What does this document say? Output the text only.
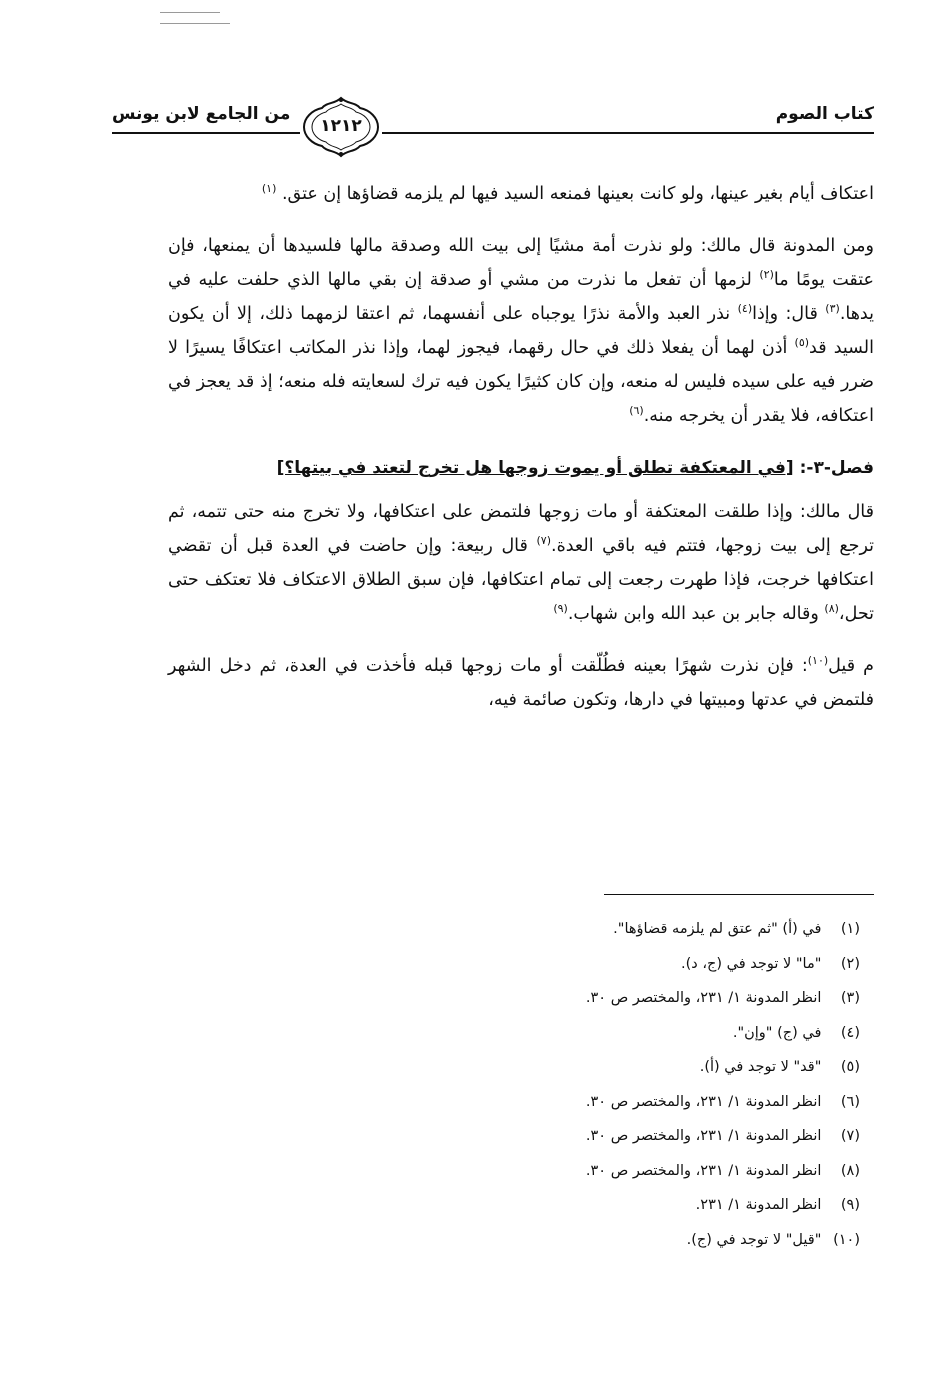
كتاب الصوم
من الجامع لابن يونس
١٢١٢

اعتكاف أيام بغير عينها، ولو كانت بعينها فمنعه السيد فيها لم يلزمه قضاؤها إن عتق. $^{(١)}$

ومن المدونة قال مالك: ولو نذرت أمة مشيًا إلى بيت الله وصدقة مالها فلسيدها أن يمنعها، فإن عتقت يومًا ما$^{(٢)}$ لزمها أن تفعل ما نذرت من مشي أو صدقة إن بقي مالها الذي حلفت عليه في يدها.$^{(٣)}$ قال: وإذا$^{(٤)}$ نذر العبد والأمة نذرًا يوجباه على أنفسهما، ثم اعتقا لزمهما ذلك، إلا أن يكون السيد قد$^{(٥)}$ أذن لهما أن يفعلا ذلك في حال رقهما، فيجوز لهما، وإذا نذر المكاتب اعتكافًا يسيرًا لا ضرر فيه على سيده فليس له منعه، وإن كان كثيرًا يكون فيه ترك لسعايته فله منعه؛ إذ قد يعجز في اعتكافه، فلا يقدر أن يخرجه منه.$^{(٦)}$

فصل-٣-: [في المعتكفة تطلق أو يموت زوجها هل تخرج لتعتد في بيتها؟]

قال مالك: وإذا طلقت المعتكفة أو مات زوجها فلتمض على اعتكافها، ولا تخرج منه حتى تتمه، ثم ترجع إلى بيت زوجها، فتتم فيه باقي العدة.$^{(٧)}$ قال ربيعة: وإن حاضت في العدة قبل أن تقضي اعتكافها خرجت، فإذا طهرت رجعت إلى تمام اعتكافها، فإن سبق الطلاق الاعتكاف فلا تعتكف حتى تحل،$^{(٨)}$ وقاله جابر بن عبد الله وابن شهاب.$^{(٩)}$

م قيل$^{(١٠)}$: فإن نذرت شهرًا بعينه فطُلّقت أو مات زوجها قبله فأخذت في العدة، ثم دخل الشهر فلتمض في عدتها ومبيتها في دارها، وتكون صائمة فيه،

(١) في (أ) "ثم عتق لم يلزمه قضاؤها".
(٢) "ما" لا توجد في (ج، د).
(٣) انظر المدونة ١/ ٢٣١، والمختصر ص ٣٠.
(٤) في (ج) "وإن".
(٥) "قد" لا توجد في (أ).
(٦) انظر المدونة ١/ ٢٣١، والمختصر ص ٣٠.
(٧) انظر المدونة ١/ ٢٣١، والمختصر ص ٣٠.
(٨) انظر المدونة ١/ ٢٣١، والمختصر ص ٣٠.
(٩) انظر المدونة ١/ ٢٣١.
(١٠) "قيل" لا توجد في (ج).
